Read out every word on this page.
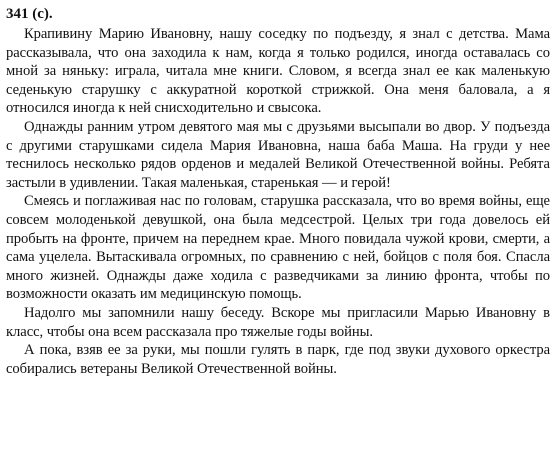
341 (с).

Крапивину Марию Ивановну, нашу соседку по подъезду, я знал с детства. Мама рассказывала, что она заходила к нам, когда я только родился, иногда оставалась со мной за няньку: играла, читала мне книги. Словом, я всегда знал ее как маленькую седенькую старушку с аккуратной короткой стрижкой. Она меня баловала, а я относился иногда к ней снисходительно и свысока.

Однажды ранним утром девятого мая мы с друзьями высыпали во двор. У подъезда с другими старушками сидела Мария Ивановна, наша баба Маша. На груди у нее теснилось несколько рядов орденов и медалей Великой Отечественной войны. Ребята застыли в удивлении. Такая маленькая, старенькая — и герой!

Смеясь и поглаживая нас по головам, старушка рассказала, что во время войны, еще совсем молоденькой девушкой, она была медсестрой. Целых три года довелось ей пробыть на фронте, причем на переднем крае. Много повидала чужой крови, смерти, а сама уцелела. Вытаскивала огромных, по сравнению с ней, бойцов с поля боя. Спасла много жизней. Однажды даже ходила с разведчиками за линию фронта, чтобы по возможности оказать им медицинскую помощь.

Надолго мы запомнили нашу беседу. Вскоре мы пригласили Марью Ивановну в класс, чтобы она всем рассказала про тяжелые годы войны.

А пока, взяв ее за руки, мы пошли гулять в парк, где под звуки духового оркестра собирались ветераны Великой Отечественной войны.
